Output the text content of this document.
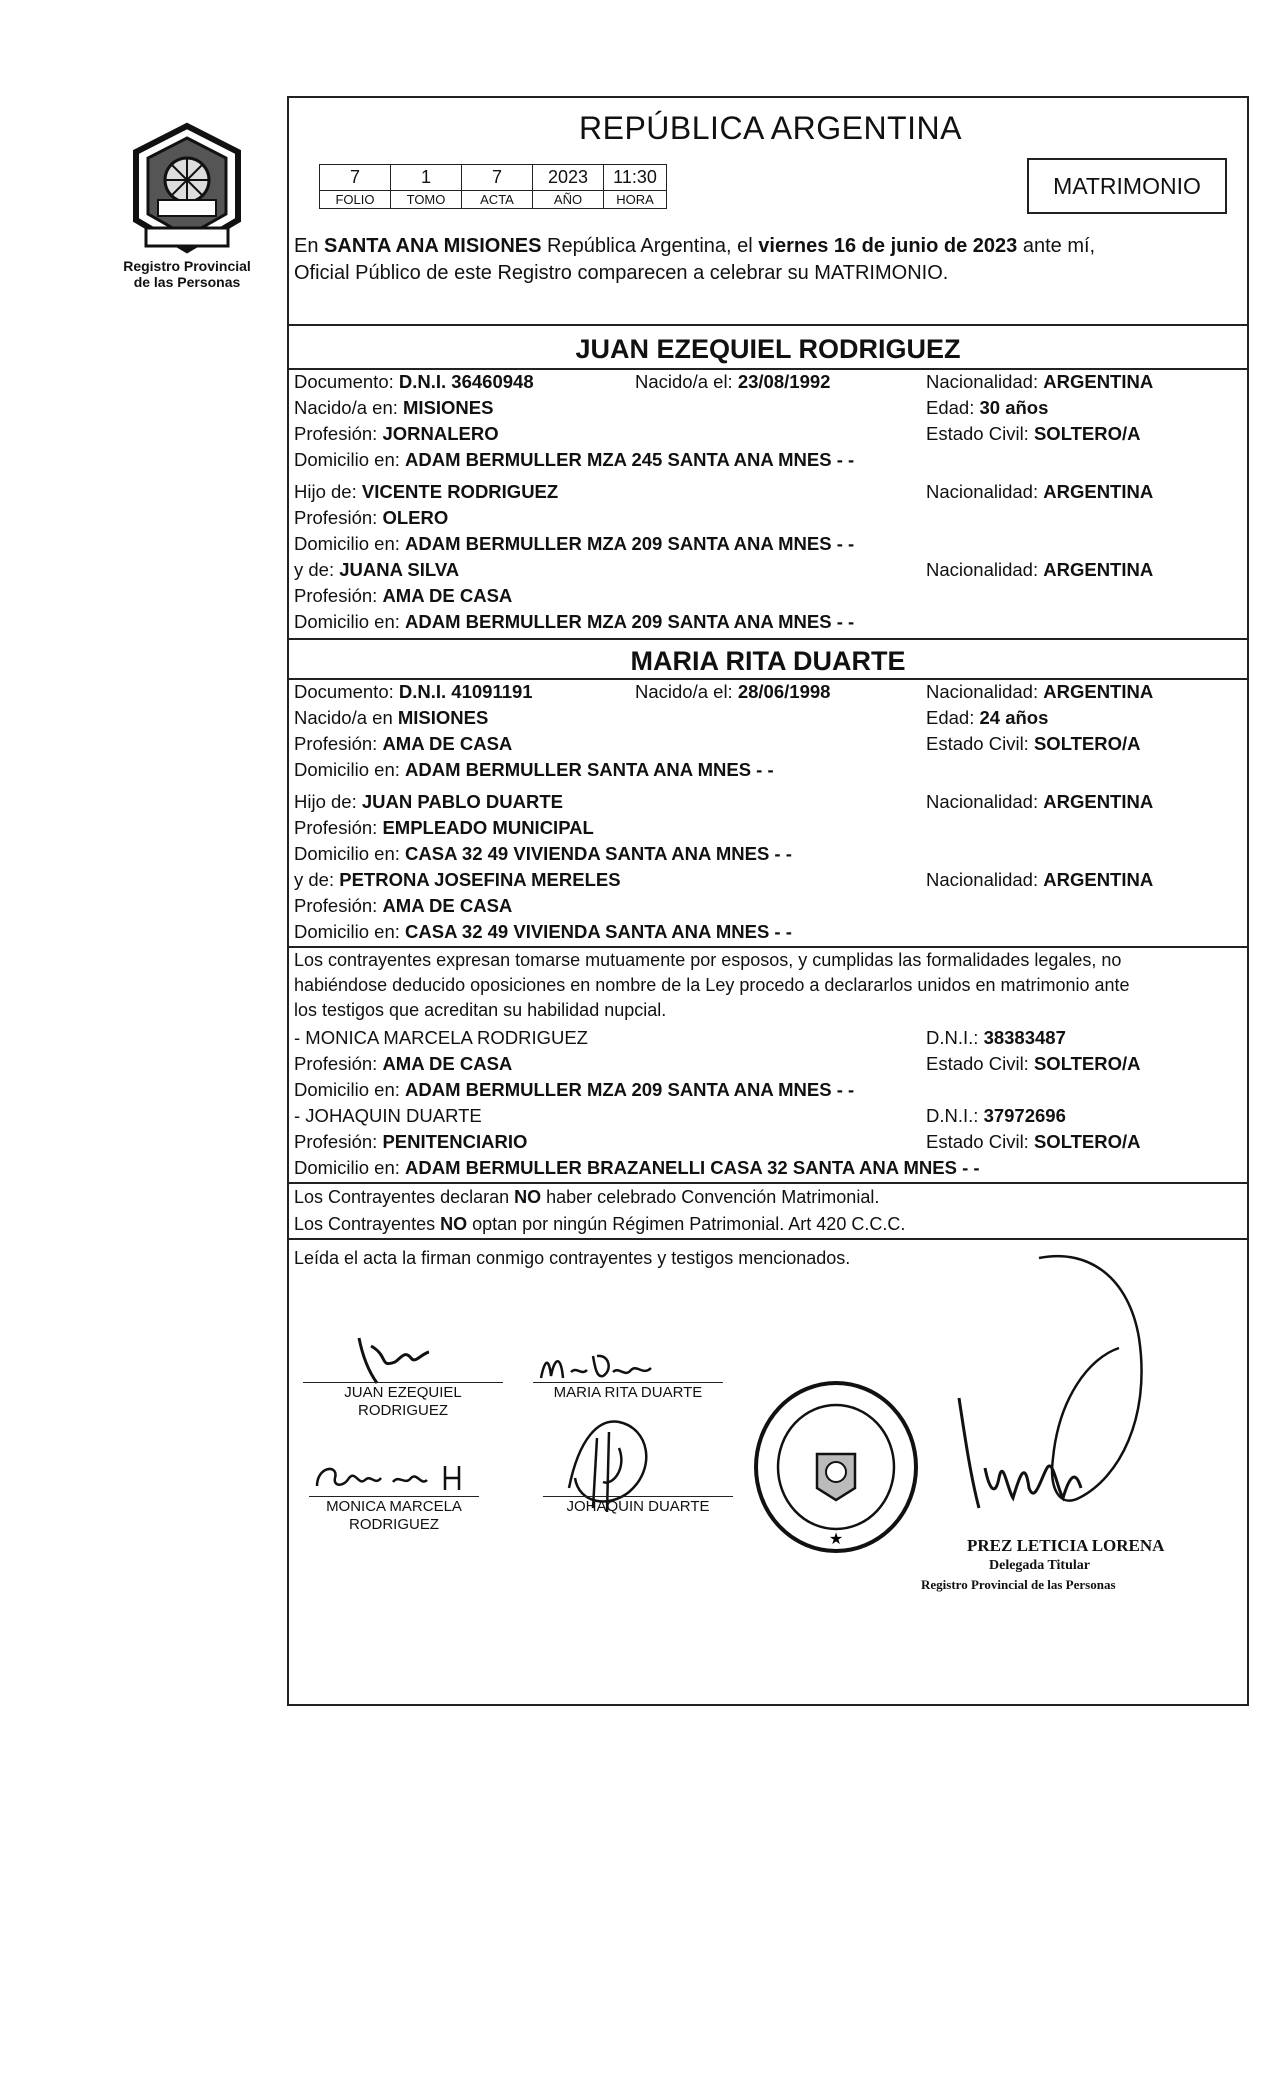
Registro Provincial
de las Personas
REPÚBLICA ARGENTINA
7	1	7	2023	11:30
FOLIO	TOMO	ACTA	AÑO	HORA
MATRIMONIO
En SANTA ANA MISIONES República Argentina, el viernes 16 de junio de 2023 ante mí,
Oficial Público de este Registro comparecen a celebrar su MATRIMONIO.
JUAN EZEQUIEL RODRIGUEZ
Documento: D.N.I. 36460948	Nacido/a el: 23/08/1992	Nacionalidad: ARGENTINA
Nacido/a en: MISIONES	Edad: 30 años
Profesión: JORNALERO	Estado Civil: SOLTERO/A
Domicilio en: ADAM BERMULLER MZA 245 SANTA ANA MNES - -
Hijo de: VICENTE RODRIGUEZ	Nacionalidad: ARGENTINA
Profesión: OLERO
Domicilio en: ADAM BERMULLER MZA 209 SANTA ANA MNES - -
y de: JUANA SILVA	Nacionalidad: ARGENTINA
Profesión: AMA DE CASA
Domicilio en: ADAM BERMULLER MZA 209 SANTA ANA MNES - -
MARIA RITA DUARTE
Documento: D.N.I. 41091191	Nacido/a el: 28/06/1998	Nacionalidad: ARGENTINA
Nacido/a en MISIONES	Edad: 24 años
Profesión: AMA DE CASA	Estado Civil: SOLTERO/A
Domicilio en: ADAM BERMULLER SANTA ANA MNES - -
Hijo de: JUAN PABLO DUARTE	Nacionalidad: ARGENTINA
Profesión: EMPLEADO MUNICIPAL
Domicilio en: CASA 32 49 VIVIENDA SANTA ANA MNES - -
y de: PETRONA JOSEFINA MERELES	Nacionalidad: ARGENTINA
Profesión: AMA DE CASA
Domicilio en: CASA 32 49 VIVIENDA SANTA ANA MNES - -
Los contrayentes expresan tomarse mutuamente por esposos, y cumplidas las formalidades legales, no
habiéndose deducido oposiciones en nombre de la Ley procedo a declararlos unidos en matrimonio ante
los testigos que acreditan su habilidad nupcial.
- MONICA MARCELA RODRIGUEZ	D.N.I.: 38383487
Profesión: AMA DE CASA	Estado Civil: SOLTERO/A
Domicilio en: ADAM BERMULLER MZA 209 SANTA ANA MNES - -
- JOHAQUIN DUARTE	D.N.I.: 37972696
Profesión: PENITENCIARIO	Estado Civil: SOLTERO/A
Domicilio en: ADAM BERMULLER BRAZANELLI CASA 32 SANTA ANA MNES - -
Los Contrayentes declaran NO haber celebrado Convención Matrimonial.
Los Contrayentes NO optan por ningún Régimen Patrimonial. Art 420 C.C.C.
Leída el acta la firman conmigo contrayentes y testigos mencionados.
JUAN EZEQUIEL
RODRIGUEZ
MARIA RITA DUARTE
MONICA MARCELA
RODRIGUEZ
JOHAQUIN DUARTE
★	PREZ LETICIA LORENA
Delegada Titular
Registro Provincial de las Personas
